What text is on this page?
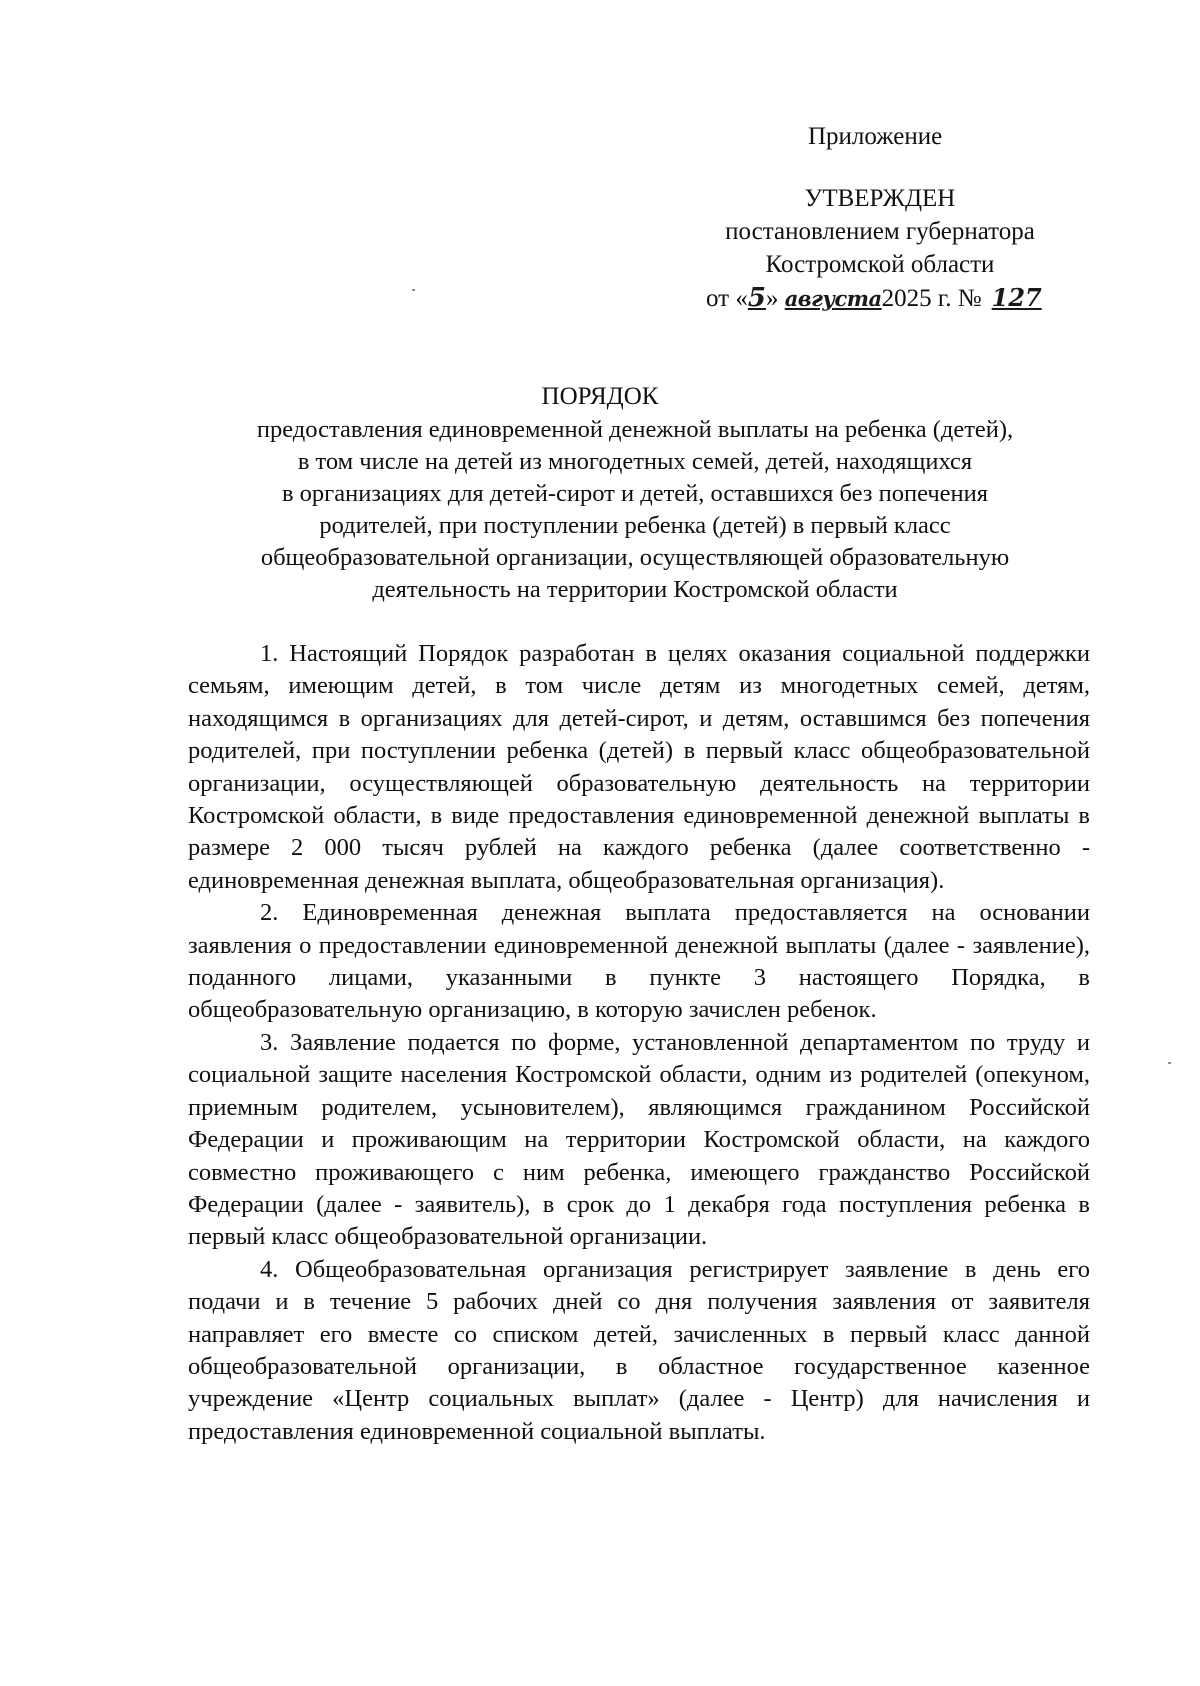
Приложение
УТВЕРЖДЕН
постановлением губернатора
Костромской области
от «5» августа2025 г. № 127
ПОРЯДОК
предоставления единовременной денежной выплаты на ребенка (детей),
в том числе на детей из многодетных семей, детей, находящихся
в организациях для детей-сирот и детей, оставшихся без попечения
родителей, при поступлении ребенка (детей) в первый класс
общеобразовательной организации, осуществляющей образовательную
деятельность на территории Костромской области

1. Настоящий Порядок разработан в целях оказания социальной поддержки семьям, имеющим детей, в том числе детям из многодетных семей, детям, находящимся в организациях для детей-сирот, и детям, оставшимся без попечения родителей, при поступлении ребенка (детей) в первый класс общеобразовательной организации, осуществляющей образовательную деятельность на территории Костромской области, в виде предоставления единовременной денежной выплаты в размере 2 000 тысяч рублей на каждого ребенка (далее соответственно - единовременная денежная выплата, общеобразовательная организация).

2. Единовременная денежная выплата предоставляется на основании заявления о предоставлении единовременной денежной выплаты (далее - заявление), поданного лицами, указанными в пункте 3 настоящего Порядка, в общеобразовательную организацию, в которую зачислен ребенок.

3. Заявление подается по форме, установленной департаментом по труду и социальной защите населения Костромской области, одним из родителей (опекуном, приемным родителем, усыновителем), являющимся гражданином Российской Федерации и проживающим на территории Костромской области, на каждого совместно проживающего с ним ребенка, имеющего гражданство Российской Федерации (далее - заявитель), в срок до 1 декабря года поступления ребенка в первый класс общеобразовательной организации.

4. Общеобразовательная организация регистрирует заявление в день его подачи и в течение 5 рабочих дней со дня получения заявления от заявителя направляет его вместе со списком детей, зачисленных в первый класс данной общеобразовательной организации, в областное государственное казенное учреждение «Центр социальных выплат» (далее - Центр) для начисления и предоставления единовременной социальной выплаты.
